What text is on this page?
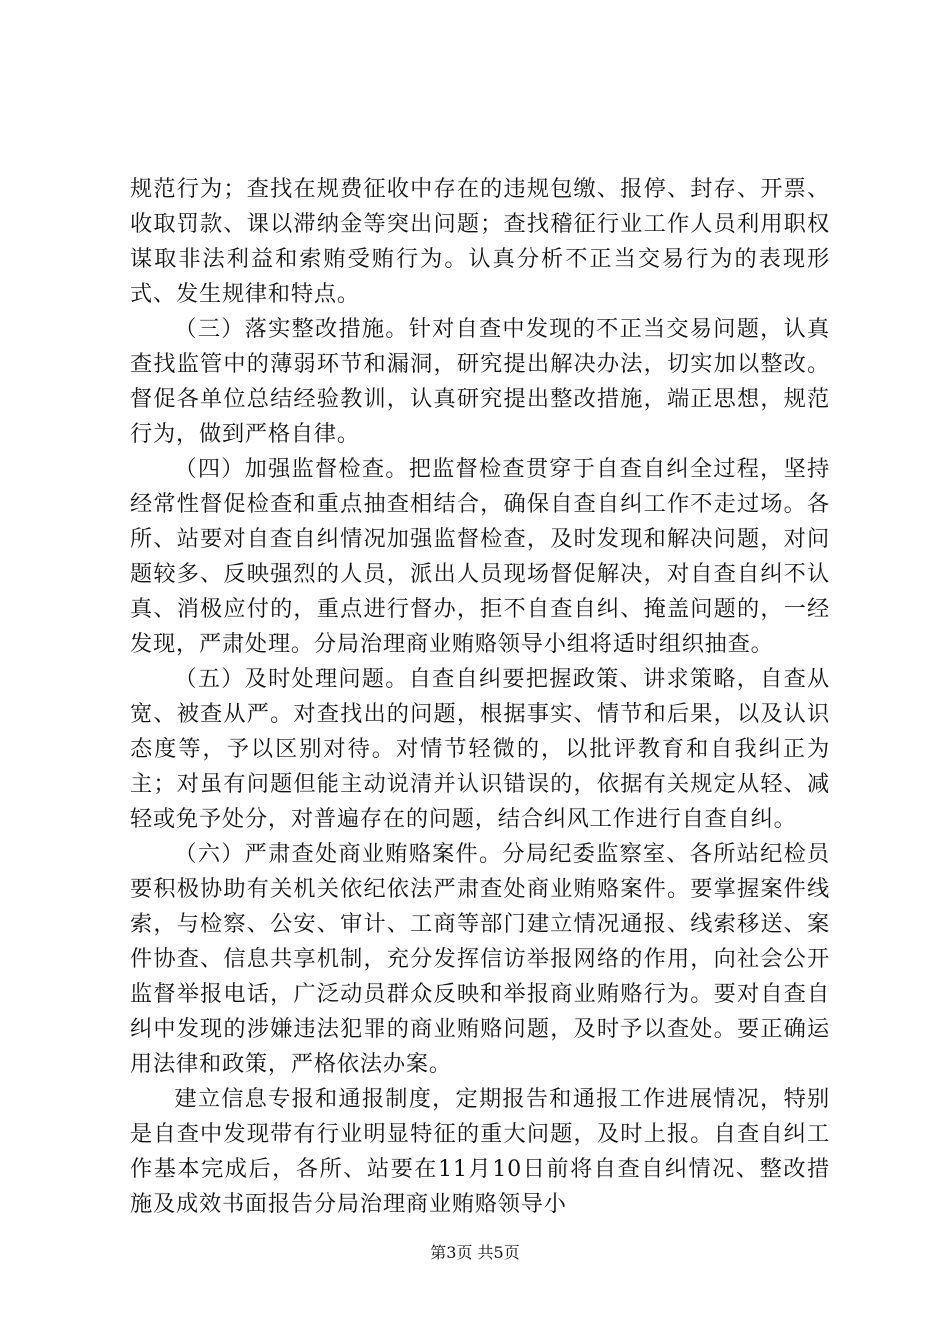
规范行为；查找在规费征收中存在的违规包缴、报停、封存、开票、收取罚款、课以滞纳金等突出问题；查找稽征行业工作人员利用职权谋取非法利益和索贿受贿行为。认真分析不正当交易行为的表现形式、发生规律和特点。

（三）落实整改措施。针对自查中发现的不正当交易问题，认真查找监管中的薄弱环节和漏洞，研究提出解决办法，切实加以整改。督促各单位总结经验教训，认真研究提出整改措施，端正思想，规范行为，做到严格自律。

（四）加强监督检查。把监督检查贯穿于自查自纠全过程，坚持经常性督促检查和重点抽查相结合，确保自查自纠工作不走过场。各所、站要对自查自纠情况加强监督检查，及时发现和解决问题，对问题较多、反映强烈的人员，派出人员现场督促解决，对自查自纠不认真、消极应付的，重点进行督办，拒不自查自纠、掩盖问题的，一经发现，严肃处理。分局治理商业贿赂领导小组将适时组织抽查。

（五）及时处理问题。自查自纠要把握政策、讲求策略，自查从宽、被查从严。对查找出的问题，根据事实、情节和后果，以及认识态度等，予以区别对待。对情节轻微的，以批评教育和自我纠正为主；对虽有问题但能主动说清并认识错误的，依据有关规定从轻、减轻或免予处分，对普遍存在的问题，结合纠风工作进行自查自纠。

（六）严肃查处商业贿赂案件。分局纪委监察室、各所站纪检员要积极协助有关机关依纪依法严肃查处商业贿赂案件。要掌握案件线索，与检察、公安、审计、工商等部门建立情况通报、线索移送、案件协查、信息共享机制，充分发挥信访举报网络的作用，向社会公开监督举报电话，广泛动员群众反映和举报商业贿赂行为。要对自查自纠中发现的涉嫌违法犯罪的商业贿赂问题，及时予以查处。要正确运用法律和政策，严格依法办案。

建立信息专报和通报制度，定期报告和通报工作进展情况，特别是自查中发现带有行业明显特征的重大问题，及时上报。自查自纠工作基本完成后，各所、站要在11月10日前将自查自纠情况、整改措施及成效书面报告分局治理商业贿赂领导小

第3页 共5页
